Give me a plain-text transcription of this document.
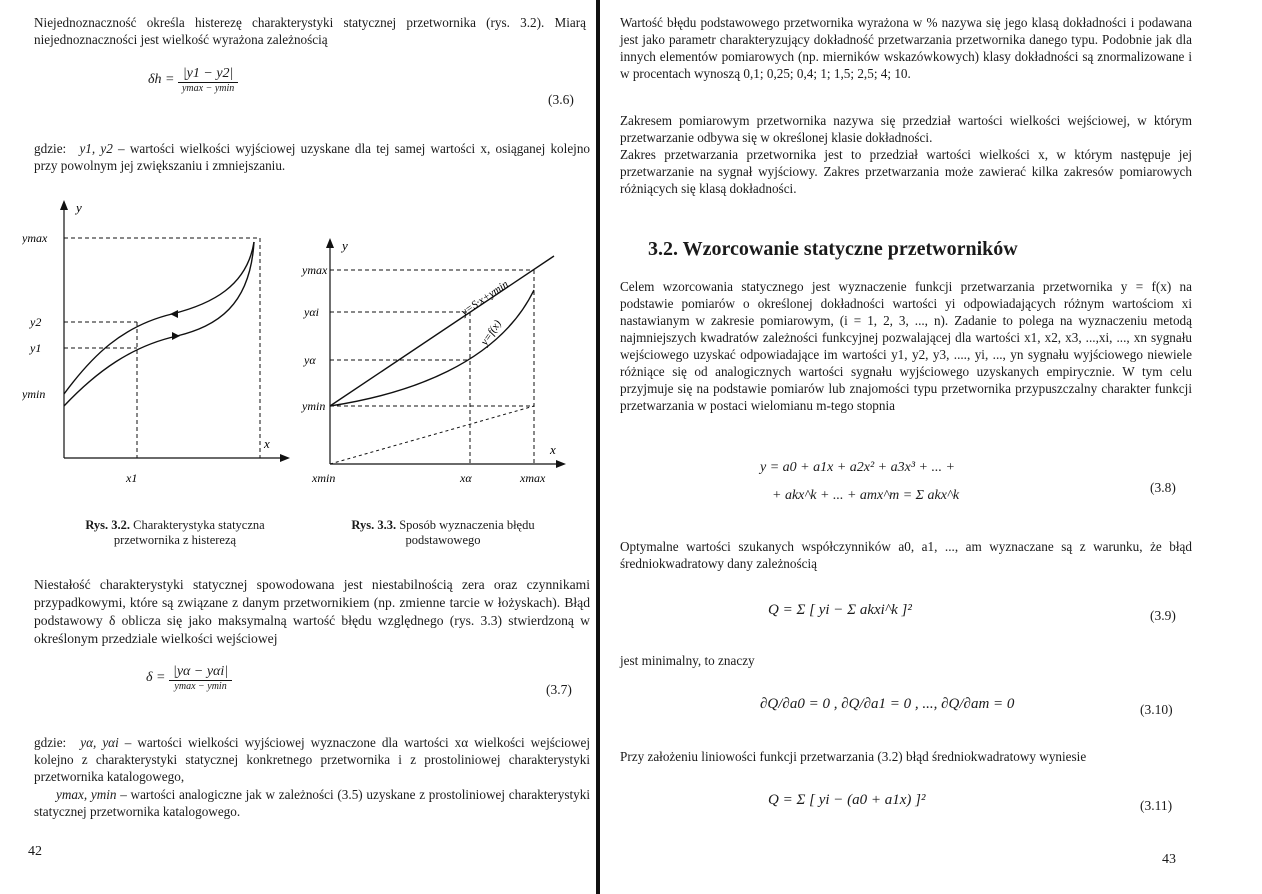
Niejednoznaczność określa histerezę charakterystyki statycznej przetwornika (rys. 3.2). Miarą niejednoznaczności jest wielkość wyrażona zależnością
$\delta h = \frac{|y1 - y2|}{ymax - ymin}$
(3.6)
gdzie: y1, y2 – wartości wielkości wyjściowej uzyskane dla tej samej wartości x, osiąganej kolejno przy powolnym jej zwiększaniu i zmniejszaniu.
y
x
ymax
y2
y1
ymin
x1
y
x
ymax
yαi
yα
ymin
xmin	xα	xmax
y=S·x+ymin
y=f(x)
Rys. 3.2. Charakterystyka statyczna przetwornika z histerezą
Rys. 3.3. Sposób wyznaczenia błędu podstawowego
Niestałość charakterystyki statycznej spowodowana jest niestabilnością zera oraz czynnikami przypadkowymi, które są związane z danym przetwornikiem (np. zmienne tarcie w łożyskach). Błąd podstawowy δ oblicza się jako maksymalną wartość błędu względnego (rys. 3.3) stwierdzoną w określonym przedziale wielkości wejściowej
$\delta = \frac{\text{|yα − yαi|}}{ymax - ymin}$	(3.7)
gdzie: yα, yαi – wartości wielkości wyjściowej wyznaczone dla wartości xα wielkości wejściowej kolejno z charakterystyki statycznej konkretnego przetwornika i z prostoliniowej charakterystyki przetwornika katalogowego,
ymax, ymin – wartości analogiczne jak w zależności (3.5) uzyskane z prostoliniowej charakterystyki statycznej przetwornika katalogowego.
42
Wartość błędu podstawowego przetwornika wyrażona w % nazywa się jego klasą dokładności i podawana jest jako parametr charakteryzujący dokładność przetwarzania przetwornika danego typu. Podobnie jak dla innych elementów pomiarowych (np. mierników wskazówkowych) klasy dokładności są znormalizowane i w procentach wynoszą 0,1; 0,25; 0,4; 1; 1,5; 2,5; 4; 10.
Zakresem pomiarowym przetwornika nazywa się przedział wartości wielkości wejściowej, w którym przetwarzanie odbywa się w określonej klasie dokładności.
Zakres przetwarzania przetwornika jest to przedział wartości wielkości x, w którym następuje jej przetwarzanie na sygnał wyjściowy. Zakres przetwarzania może zawierać kilka zakresów pomiarowych różniących się klasą dokładności.
3.2. Wzorcowanie statyczne przetworników
Celem wzorcowania statycznego jest wyznaczenie funkcji przetwarzania przetwornika y = f(x) na podstawie pomiarów o określonej dokładności wartości yi odpowiadających różnym wartościom xi nastawianym w zakresie pomiarowym, (i = 1, 2, 3, ..., n). Zadanie to polega na wyznaczeniu metodą najmniejszych kwadratów zależności funkcyjnej pozwalającej dla wartości x1, x2, x3, ...,xi, ..., xn sygnału wejściowego uzyskać odpowiadające im wartości y1, y2, y3, ...., yi, ..., yn sygnału wyjściowego niewiele różniące się od analogicznych wartości sygnału wyjściowego uzyskanych empirycznie. W tym celu przyjmuje się na podstawie pomiarów lub znajomości typu przetwornika przypuszczalny charakter funkcji przetwarzania w postaci wielomianu m-tego stopnia
y = a0 + a1x + a2x² + a3x³ + ... +
+ akx^k + ... + amx^m = Σ akx^k
(3.8)
Optymalne wartości szukanych współczynników a0, a1, ..., am wyznaczane są z warunku, że błąd średniokwadratowy dany zależnością
Q = Σ [ yi − Σ akxi^k ]²	(3.9)
jest minimalny, to znaczy
∂Q/∂a0 = 0 , ∂Q/∂a1 = 0 , ..., ∂Q/∂am = 0	(3.10)
Przy założeniu liniowości funkcji przetwarzania (3.2) błąd średniokwadratowy wyniesie
Q = Σ [ yi − (a0 + a1x) ]²	(3.11)
43
